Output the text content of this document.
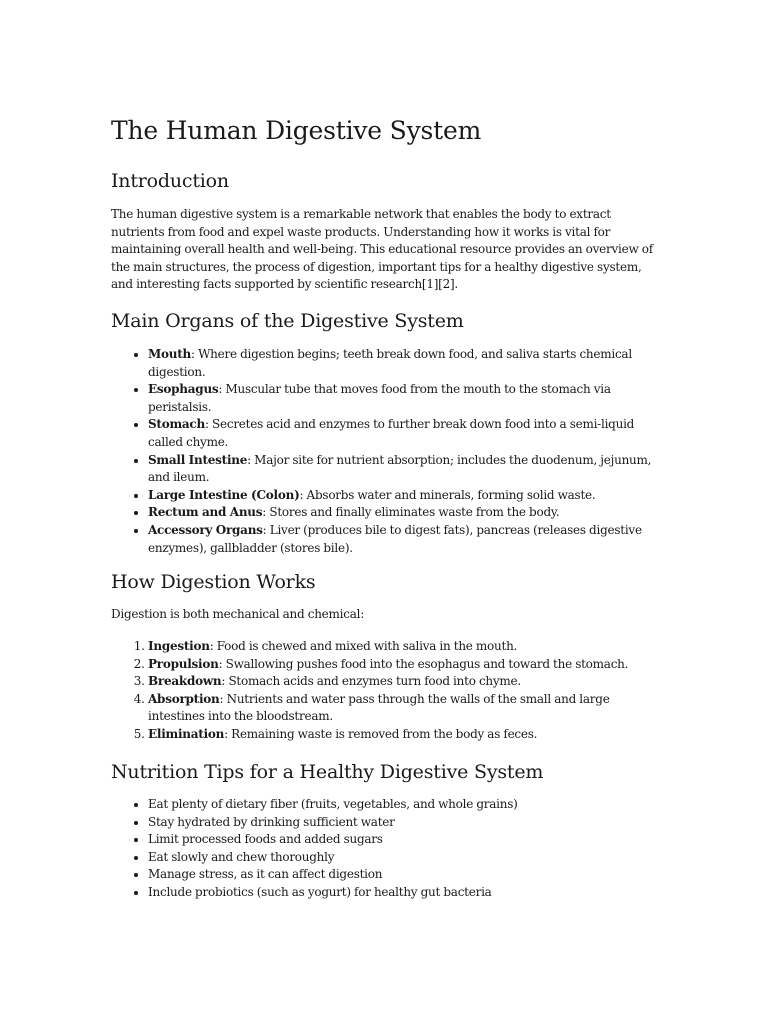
The Human Digestive System
Introduction

The human digestive system is a remarkable network that enables the body to extract nutrients from food and expel waste products. Understanding how it works is vital for maintaining overall health and well-being. This educational resource provides an overview of the main structures, the process of digestion, important tips for a healthy digestive system, and interesting facts supported by scientific research[1][2].

Main Organs of the Digestive System
• Mouth: Where digestion begins; teeth break down food, and saliva starts chemical digestion.
• Esophagus: Muscular tube that moves food from the mouth to the stomach via peristalsis.
• Stomach: Secretes acid and enzymes to further break down food into a semi-liquid called chyme.
• Small Intestine: Major site for nutrient absorption; includes the duodenum, jejunum, and ileum.
• Large Intestine (Colon): Absorbs water and minerals, forming solid waste.
• Rectum and Anus: Stores and finally eliminates waste from the body.
• Accessory Organs: Liver (produces bile to digest fats), pancreas (releases digestive enzymes), gallbladder (stores bile).
How Digestion Works

Digestion is both mechanical and chemical:

1. Ingestion: Food is chewed and mixed with saliva in the mouth.
2. Propulsion: Swallowing pushes food into the esophagus and toward the stomach.
3. Breakdown: Stomach acids and enzymes turn food into chyme.
4. Absorption: Nutrients and water pass through the walls of the small and large intestines into the bloodstream.
5. Elimination: Remaining waste is removed from the body as feces.
Nutrition Tips for a Healthy Digestive System
• Eat plenty of dietary fiber (fruits, vegetables, and whole grains)
• Stay hydrated by drinking sufficient water
• Limit processed foods and added sugars
• Eat slowly and chew thoroughly
• Manage stress, as it can affect digestion
• Include probiotics (such as yogurt) for healthy gut bacteria
